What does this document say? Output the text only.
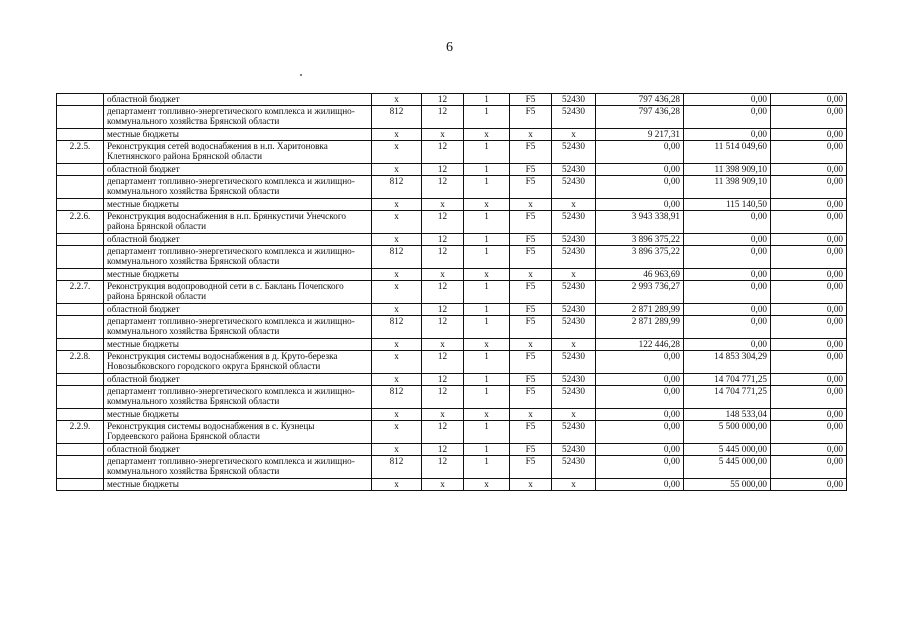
6
	областной бюджет	х	12	1	F5	52430	797 436,28	0,00	0,00
	департамент топливно-энергетического комплекса и жилищно-коммунального хозяйства Брянской области	812	12	1	F5	52430	797 436,28	0,00	0,00
	местные бюджеты	х	х	х	х	х	9 217,31	0,00	0,00
2.2.5.	Реконструкция сетей водоснабжения в н.п. Харитоновка Клетнянского района Брянской области	х	12	1	F5	52430	0,00	11 514 049,60	0,00
	областной бюджет	х	12	1	F5	52430	0,00	11 398 909,10	0,00
	департамент топливно-энергетического комплекса и жилищно-коммунального хозяйства Брянской области	812	12	1	F5	52430	0,00	11 398 909,10	0,00
	местные бюджеты	х	х	х	х	х	0,00	115 140,50	0,00
2.2.6.	Реконструкция водоснабжения в н.п. Брянкустичи Унечского района Брянской области	х	12	1	F5	52430	3 943 338,91	0,00	0,00
	областной бюджет	х	12	1	F5	52430	3 896 375,22	0,00	0,00
	департамент топливно-энергетического комплекса и жилищно-коммунального хозяйства Брянской области	812	12	1	F5	52430	3 896 375,22	0,00	0,00
	местные бюджеты	х	х	х	х	х	46 963,69	0,00	0,00
2.2.7.	Реконструкция водопроводной сети в с. Баклань Почепского района Брянской области	х	12	1	F5	52430	2 993 736,27	0,00	0,00
	областной бюджет	х	12	1	F5	52430	2 871 289,99	0,00	0,00
	департамент топливно-энергетического комплекса и жилищно-коммунального хозяйства Брянской области	812	12	1	F5	52430	2 871 289,99	0,00	0,00
	местные бюджеты	х	х	х	х	х	122 446,28	0,00	0,00
2.2.8.	Реконструкция системы водоснабжения в д. Круто-березка Новозыбковского городского округа Брянской области	х	12	1	F5	52430	0,00	14 853 304,29	0,00
	областной бюджет	х	12	1	F5	52430	0,00	14 704 771,25	0,00
	департамент топливно-энергетического комплекса и жилищно-коммунального хозяйства Брянской области	812	12	1	F5	52430	0,00	14 704 771,25	0,00
	местные бюджеты	х	х	х	х	х	0,00	148 533,04	0,00
2.2.9.	Реконструкция системы водоснабжения в с. Кузнецы Гордеевского района Брянской области	х	12	1	F5	52430	0,00	5 500 000,00	0,00
	областной бюджет	х	12	1	F5	52430	0,00	5 445 000,00	0,00
	департамент топливно-энергетического комплекса и жилищно-коммунального хозяйства Брянской области	812	12	1	F5	52430	0,00	5 445 000,00	0,00
	местные бюджеты	х	х	х	х	х	0,00	55 000,00	0,00
